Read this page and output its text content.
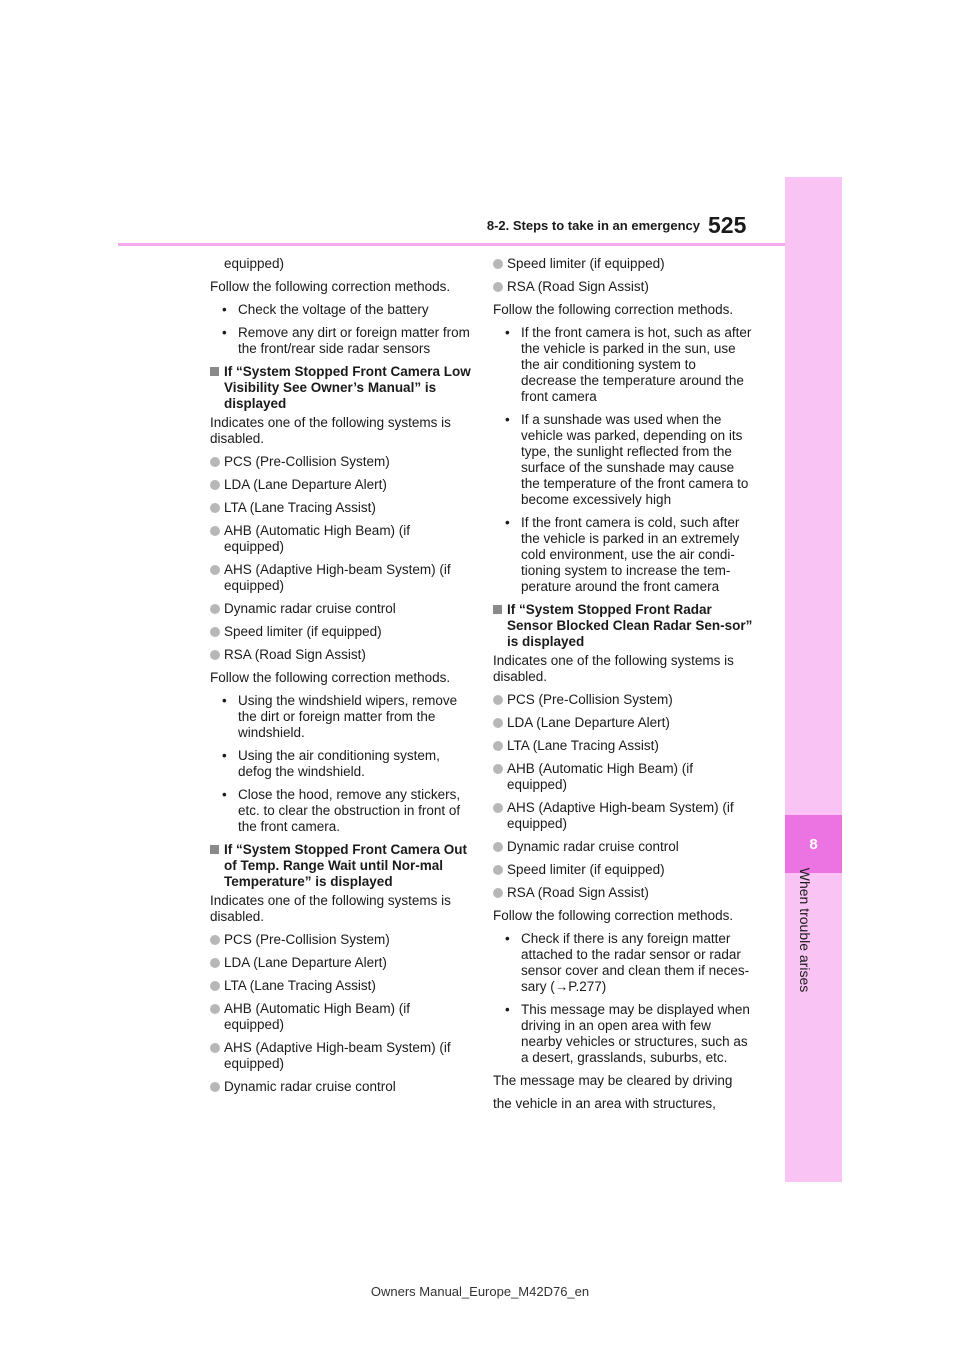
8
When trouble arises
8-2. Steps to take in an emergency 525
equipped)
Follow the following correction methods.
• Check the voltage of the battery
• Remove any dirt or foreign matter from the front/rear side radar sensors
If “System Stopped Front Camera Low Visibility See Owner’s Manual” is displayed
Indicates one of the following systems is disabled.
PCS (Pre-Collision System)
LDA (Lane Departure Alert)
LTA (Lane Tracing Assist)
AHB (Automatic High Beam) (if equipped)
AHS (Adaptive High-beam System) (if equipped)
Dynamic radar cruise control
Speed limiter (if equipped)
RSA (Road Sign Assist)
Follow the following correction methods.
• Using the windshield wipers, remove the dirt or foreign matter from the windshield.
• Using the air conditioning system, defog the windshield.
• Close the hood, remove any stickers, etc. to clear the obstruction in front of the front camera.
If “System Stopped Front Camera Out of Temp. Range Wait until Nor-mal Temperature” is displayed
Indicates one of the following systems is disabled.
PCS (Pre-Collision System)
LDA (Lane Departure Alert)
LTA (Lane Tracing Assist)
AHB (Automatic High Beam) (if equipped)
AHS (Adaptive High-beam System) (if equipped)
Dynamic radar cruise control
Speed limiter (if equipped)
RSA (Road Sign Assist)
Follow the following correction methods.
• If the front camera is hot, such as after the vehicle is parked in the sun, use the air conditioning system to decrease the temperature around the front camera
• If a sunshade was used when the vehicle was parked, depending on its type, the sunlight reflected from the surface of the sunshade may cause the temperature of the front camera to become excessively high
• If the front camera is cold, such after the vehicle is parked in an extremely cold environment, use the air condi-tioning system to increase the tem-perature around the front camera
If “System Stopped Front Radar Sensor Blocked Clean Radar Sen-sor” is displayed
Indicates one of the following systems is disabled.
PCS (Pre-Collision System)
LDA (Lane Departure Alert)
LTA (Lane Tracing Assist)
AHB (Automatic High Beam) (if equipped)
AHS (Adaptive High-beam System) (if equipped)
Dynamic radar cruise control
Speed limiter (if equipped)
RSA (Road Sign Assist)
Follow the following correction methods.
• Check if there is any foreign matter attached to the radar sensor or radar sensor cover and clean them if neces-sary (→P.277)
• This message may be displayed when driving in an open area with few nearby vehicles or structures, such as a desert, grasslands, suburbs, etc.
The message may be cleared by driving
the vehicle in an area with structures,
Owners Manual_Europe_M42D76_en
